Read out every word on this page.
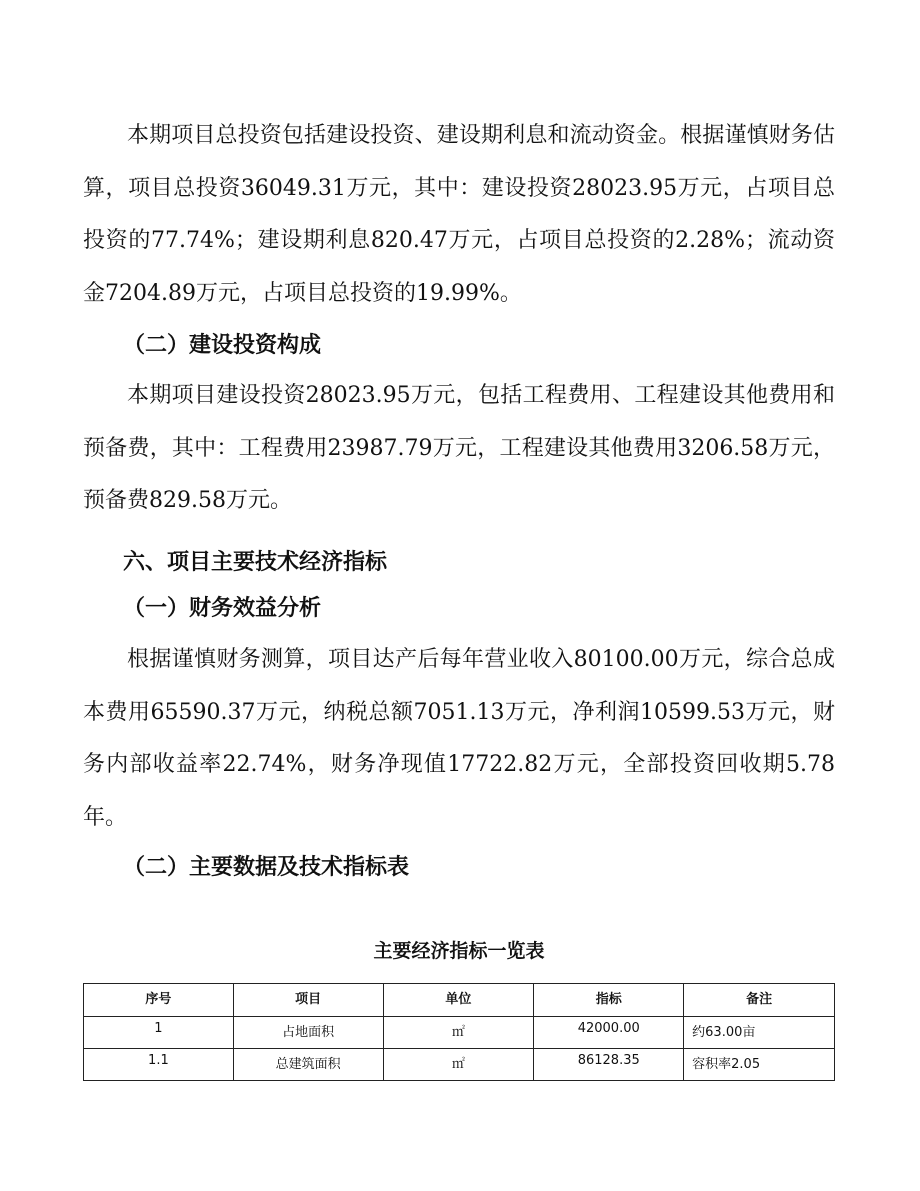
本期项目总投资包括建设投资、建设期利息和流动资金。根据谨慎财务估算，项目总投资36049.31万元，其中：建设投资28023.95万元，占项目总投资的77.74%；建设期利息820.47万元，占项目总投资的2.28%；流动资金7204.89万元，占项目总投资的19.99%。

（二）建设投资构成

本期项目建设投资28023.95万元，包括工程费用、工程建设其他费用和预备费，其中：工程费用23987.79万元，工程建设其他费用3206.58万元，预备费829.58万元。

六、项目主要技术经济指标

（一）财务效益分析

根据谨慎财务测算，项目达产后每年营业收入80100.00万元，综合总成本费用65590.37万元，纳税总额7051.13万元，净利润10599.53万元，财务内部收益率22.74%，财务净现值17722.82万元，全部投资回收期5.78年。

（二）主要数据及技术指标表

主要经济指标一览表
序号	项目	单位	指标	备注
1	占地面积	㎡	42000.00	约63.00亩
1.1	总建筑面积	㎡	86128.35	容积率2.05
